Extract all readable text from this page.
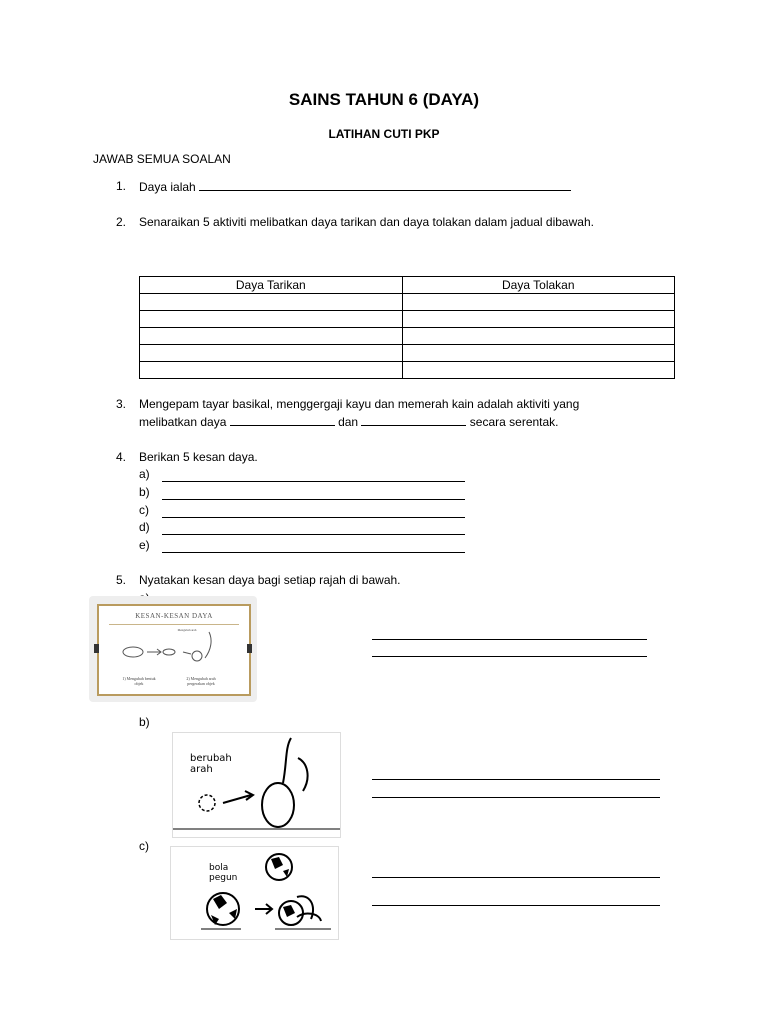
SAINS TAHUN 6 (DAYA)
LATIHAN CUTI PKP
JAWAB SEMUA SOALAN
1. Daya ialah
2. Senaraikan 5 aktiviti melibatkan daya tarikan dan daya tolakan dalam jadual dibawah.
Daya Tarikan	Daya Tolakan

3. Mengepam tayar basikal, menggergaji kayu dan memerah kain adalah aktiviti yang
melibatkan daya	dan	secara serentak.
4. Berikan 5 kesan daya.
a)
b)
c)
d)
e)
5. Nyatakan kesan daya bagi setiap rajah di bawah.
KESAN-KESAN DAYA
1) Mengubah bentuk objek
2) Mengubah arah pergerakan objek
Mengubah arah
b)
berubah arah
c)
bola pegun
